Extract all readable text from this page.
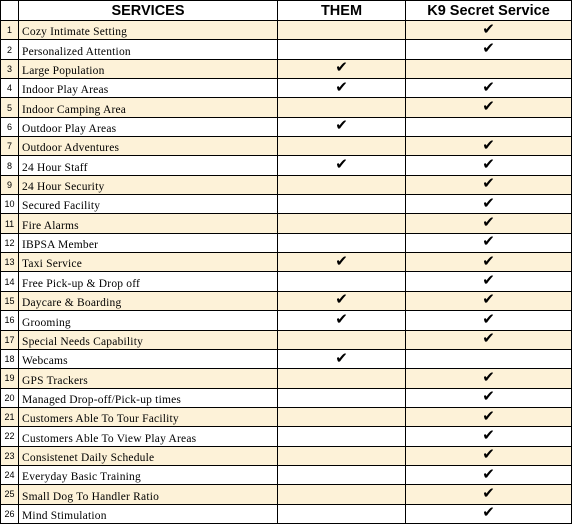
	SERVICES	THEM	K9 Secret Service
1	Cozy Intimate Setting		✔
2	Personalized Attention		✔
3	Large Population	✔	
4	Indoor Play Areas	✔	✔
5	Indoor Camping Area		✔
6	Outdoor Play Areas	✔	
7	Outdoor Adventures		✔
8	24 Hour Staff	✔	✔
9	24 Hour Security		✔
10	Secured Facility		✔
11	Fire Alarms		✔
12	IBPSA Member		✔
13	Taxi Service	✔	✔
14	Free Pick-up & Drop off		✔
15	Daycare & Boarding	✔	✔
16	Grooming	✔	✔
17	Special Needs Capability		✔
18	Webcams	✔	
19	GPS Trackers		✔
20	Managed Drop-off/Pick-up times		✔
21	Customers Able To Tour Facility		✔
22	Customers Able To View Play Areas		✔
23	Consistenet Daily Schedule		✔
24	Everyday Basic Training		✔
25	Small Dog To Handler Ratio		✔
26	Mind Stimulation		✔
